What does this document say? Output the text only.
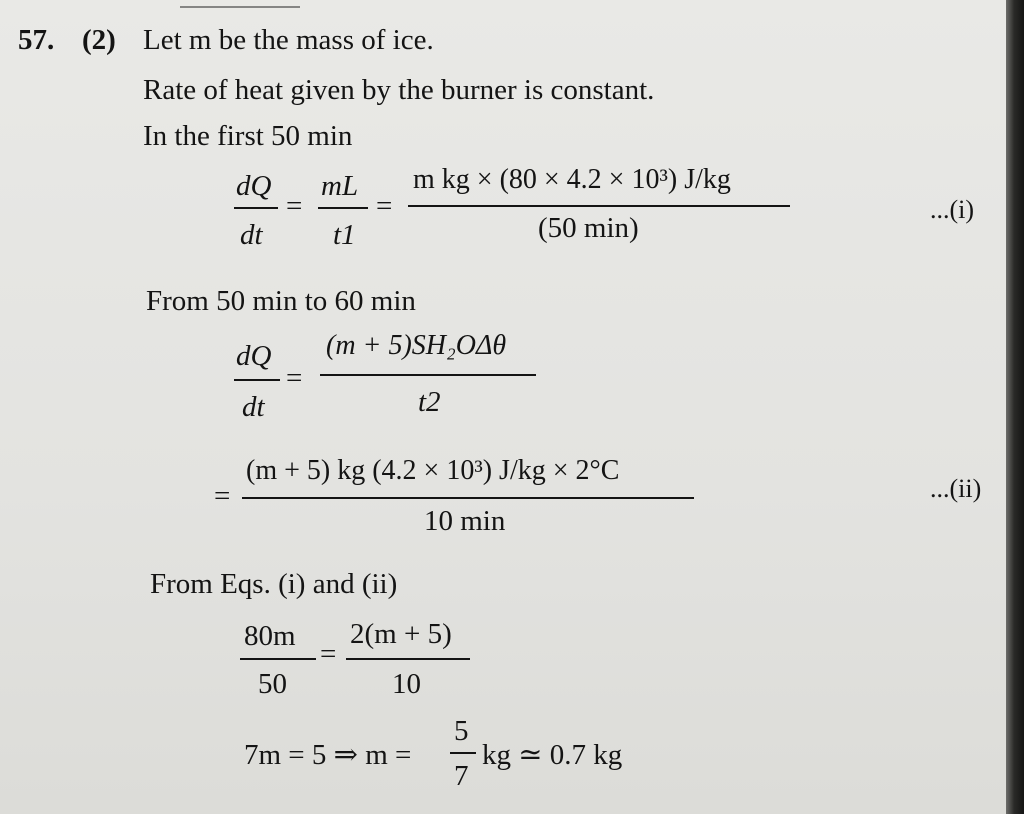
57. (2) Let m be the mass of ice.
Rate of heat given by the burner is constant.
In the first 50 min
dQ
dt
=
mL
t1
=
m kg × (80 × 4.2 × 10³) J/kg
(50 min)
...(i)
From 50 min to 60 min
dQ
dt
=
(m + 5)SH₂OΔθ
t2
=
(m + 5) kg (4.2 × 10³) J/kg × 2°C
10 min
...(ii)
From Eqs. (i) and (ii)
80m
50
=
2(m + 5)
10
7m = 5 ⇒ m =
5
7
kg ≃ 0.7 kg
